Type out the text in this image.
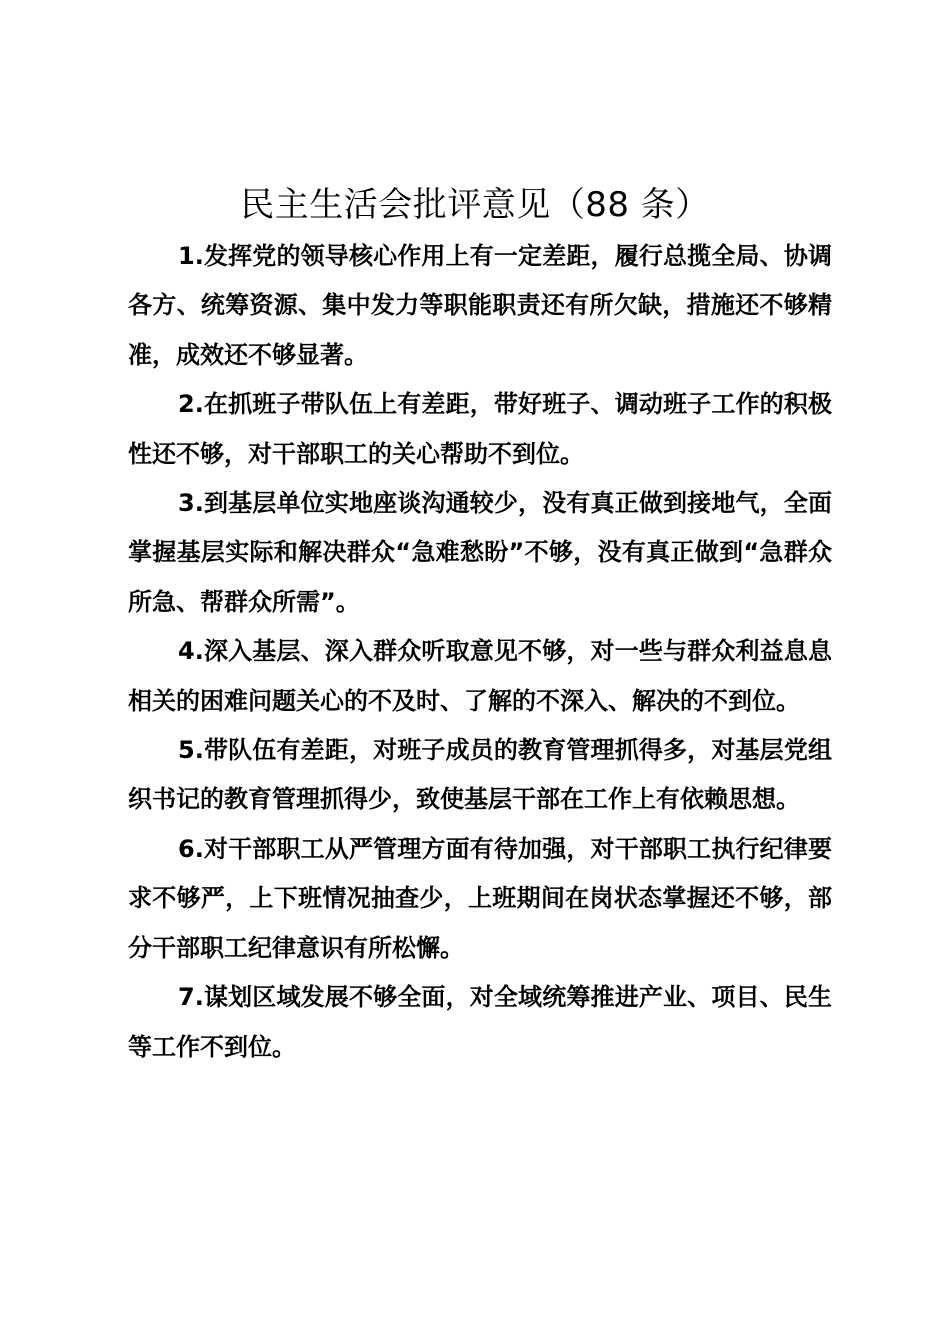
民主生活会批评意见（88 条）

1.发挥党的领导核心作用上有一定差距，履行总揽全局、协调各方、统筹资源、集中发力等职能职责还有所欠缺，措施还不够精准，成效还不够显著。

2.在抓班子带队伍上有差距，带好班子、调动班子工作的积极性还不够，对干部职工的关心帮助不到位。

3.到基层单位实地座谈沟通较少，没有真正做到接地气，全面掌握基层实际和解决群众“急难愁盼”不够，没有真正做到“急群众所急、帮群众所需”。

4.深入基层、深入群众听取意见不够，对一些与群众利益息息相关的困难问题关心的不及时、了解的不深入、解决的不到位。

5.带队伍有差距，对班子成员的教育管理抓得多，对基层党组织书记的教育管理抓得少，致使基层干部在工作上有依赖思想。

6.对干部职工从严管理方面有待加强，对干部职工执行纪律要求不够严，上下班情况抽查少，上班期间在岗状态掌握还不够，部分干部职工纪律意识有所松懈。

7.谋划区域发展不够全面，对全域统筹推进产业、项目、民生等工作不到位。
